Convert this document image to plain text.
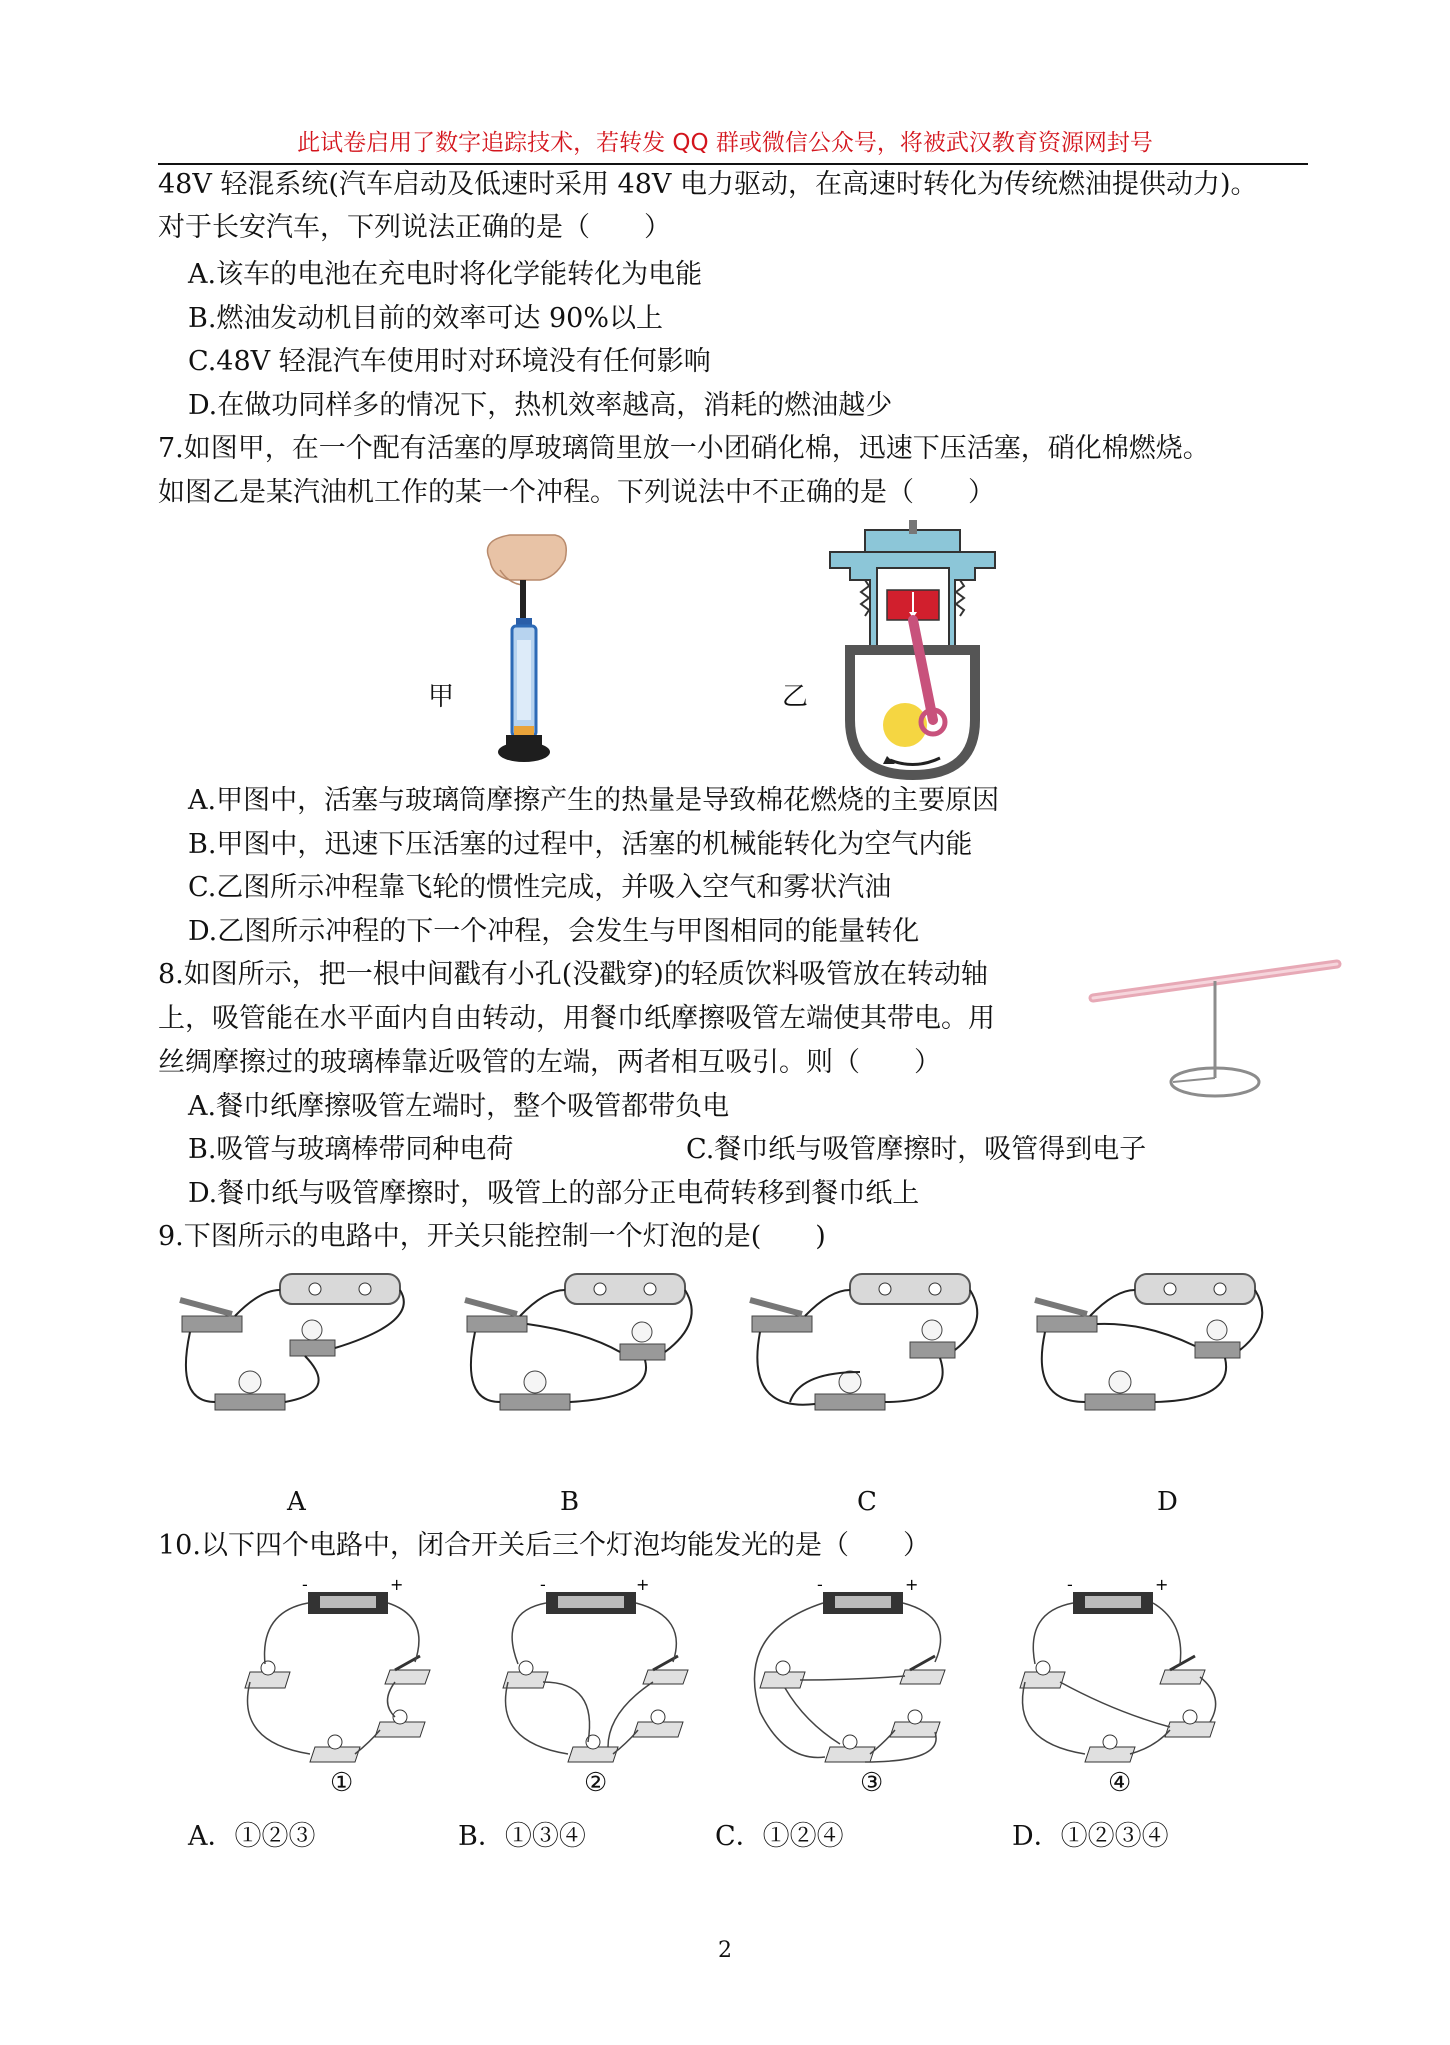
此试卷启用了数字追踪技术，若转发 QQ 群或微信公众号，将被武汉教育资源网封号
48V 轻混系统(汽车启动及低速时采用 48V 电力驱动，在高速时转化为传统燃油提供动力)。
对于长安汽车，下列说法正确的是（　　）
A.该车的电池在充电时将化学能转化为电能
B.燃油发动机目前的效率可达 90%以上
C.48V 轻混汽车使用时对环境没有任何影响
D.在做功同样多的情况下，热机效率越高，消耗的燃油越少
7.如图甲，在一个配有活塞的厚玻璃筒里放一小团硝化棉，迅速下压活塞，硝化棉燃烧。
如图乙是某汽油机工作的某一个冲程。下列说法中不正确的是（　　）
甲	乙
A.甲图中，活塞与玻璃筒摩擦产生的热量是导致棉花燃烧的主要原因
B.甲图中，迅速下压活塞的过程中，活塞的机械能转化为空气内能
C.乙图所示冲程靠飞轮的惯性完成，并吸入空气和雾状汽油
D.乙图所示冲程的下一个冲程，会发生与甲图相同的能量转化
8.如图所示，把一根中间戳有小孔(没戳穿)的轻质饮料吸管放在转动轴
上，吸管能在水平面内自由转动，用餐巾纸摩擦吸管左端使其带电。用
丝绸摩擦过的玻璃棒靠近吸管的左端，两者相互吸引。则（　　）
A.餐巾纸摩擦吸管左端时，整个吸管都带负电
B.吸管与玻璃棒带同种电荷	C.餐巾纸与吸管摩擦时，吸管得到电子
D.餐巾纸与吸管摩擦时，吸管上的部分正电荷转移到餐巾纸上
9.下图所示的电路中，开关只能控制一个灯泡的是(　　)
A	B	C	D
10.以下四个电路中，闭合开关后三个灯泡均能发光的是（　　）
-	+
①
-	+
②
-	+
③
-	+
④
A．①②③	B．①③④	C．①②④	D．①②③④
2
